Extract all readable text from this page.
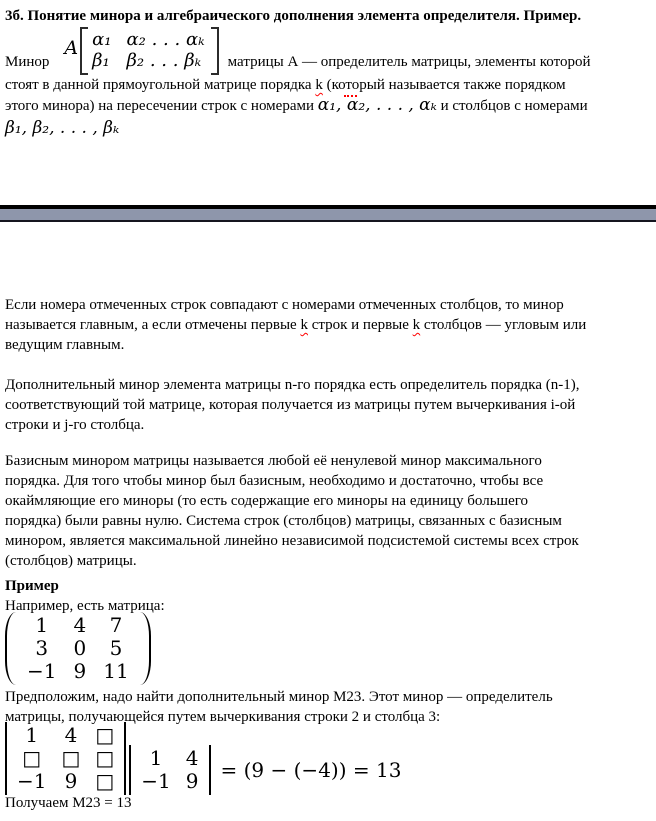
3б. Понятие минора и алгебраического дополнения элемента определителя. Пример.
Минор
A α₁ α₂ . . . αₖ
β₁ β₂ . . . βₖ матрицы А — определитель матрицы, элементы которой
стоят в данной прямоугольной матрице порядка k (который называется также порядком
этого минора) на пересечении строк с номерами α₁, α₂, . . . , αₖ и столбцов с номерами
β₁, β₂, . . . , βₖ
Если номера отмеченных строк совпадают с номерами отмеченных столбцов, то минор
называется главным, а если отмечены первые k строк и первые k столбцов — угловым или
ведущим главным.
Дополнительный минор элемента матрицы n-го порядка есть определитель порядка (n-1),
соответствующий той матрице, которая получается из матрицы путем вычеркивания i-ой
строки и j-го столбца.
Базисным минором матрицы называется любой её ненулевой минор максимального
порядка. Для того чтобы минор был базисным, необходимо и достаточно, чтобы все
окаймляющие его миноры (то есть содержащие его миноры на единицу большего
порядка) были равны нулю. Система строк (столбцов) матрицы, связанных с базисным
минором, является максимальной линейно независимой подсистемой системы всех строк
(столбцов) матрицы.
Пример
Например, есть матрица:
1 4 7
3 0 5
−1 9 11
Предположим, надо найти дополнительный минор М23. Этот минор — определитель
матрицы, получающейся путем вычеркивания строки 2 и столбца 3:
1 4 □
□ □ □
−1 9 □
1 4
−1 9 = (9 − (−4)) = 13
Получаем М23 = 13
